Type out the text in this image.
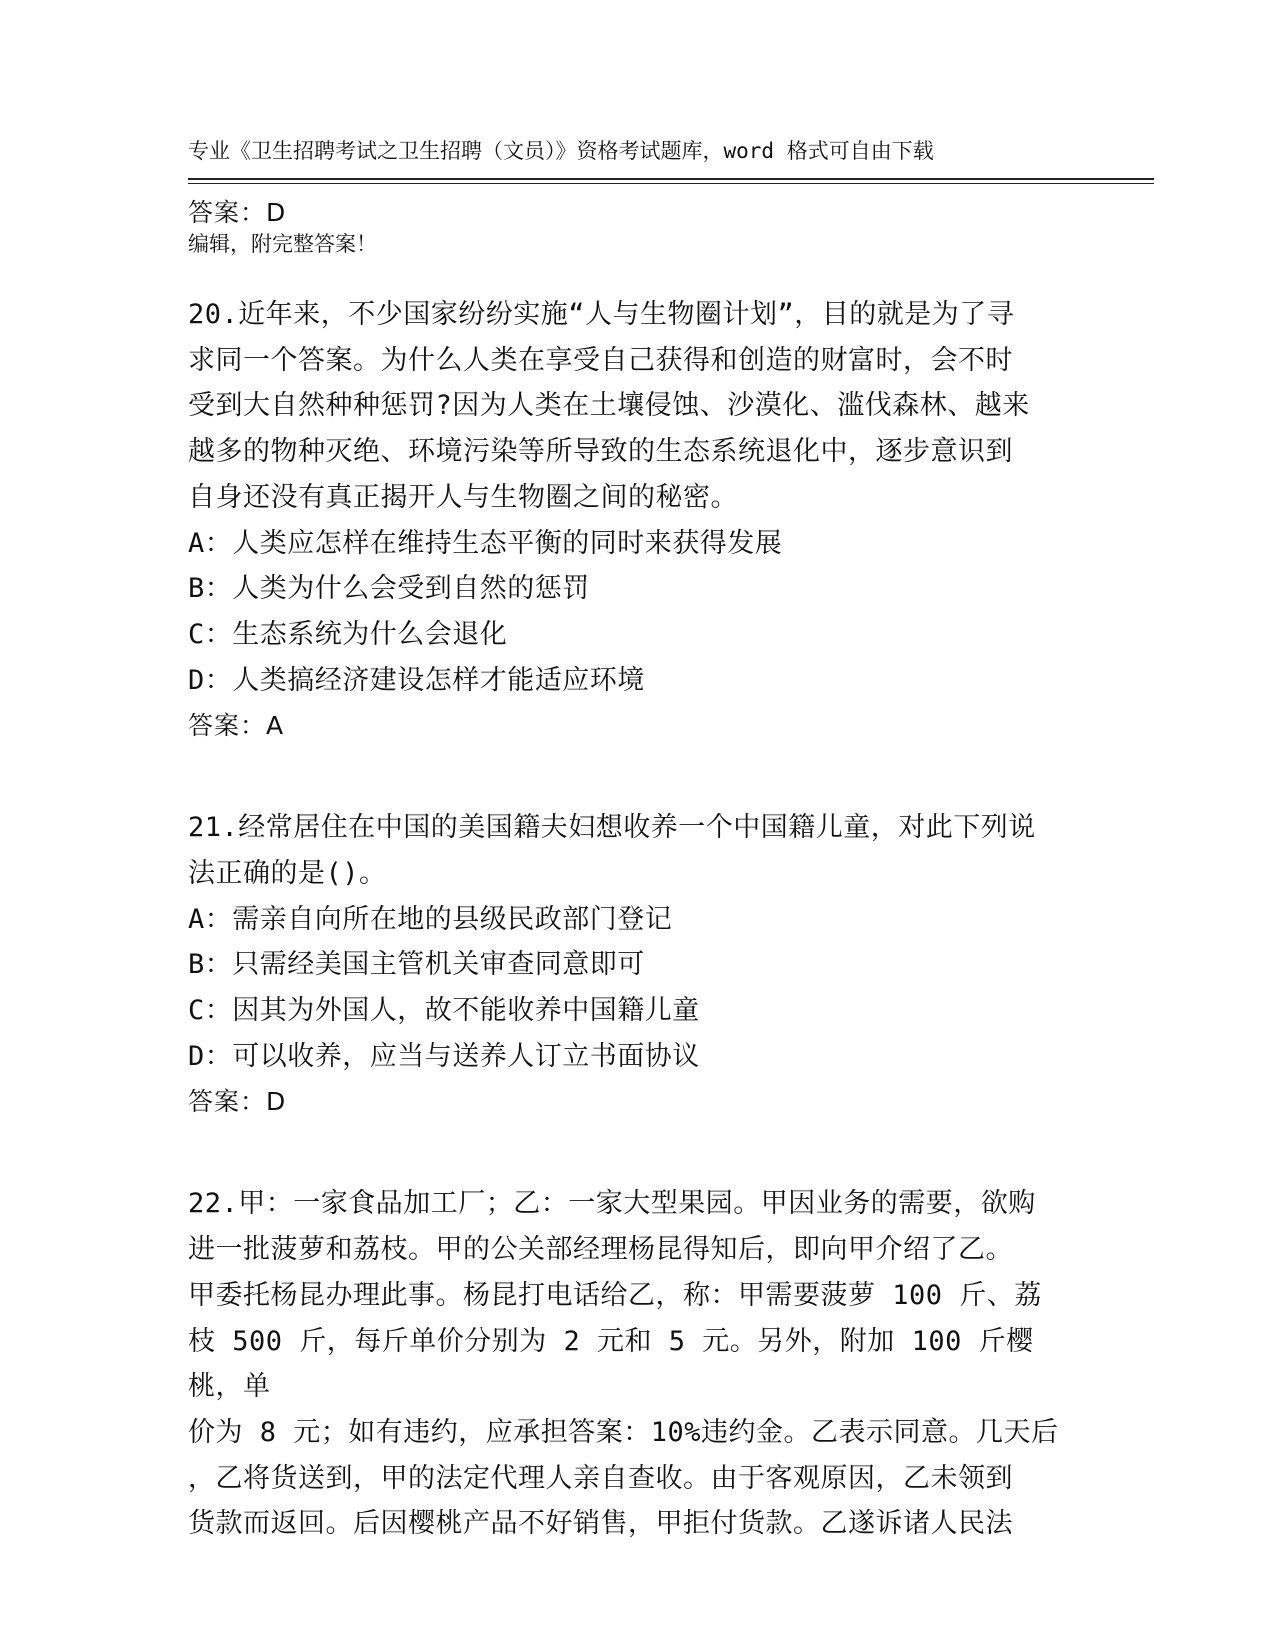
专业《卫生招聘考试之卫生招聘（文员）》资格考试题库，word 格式可自由下载

编辑，附完整答案！

答案：D
20.近年来，不少国家纷纷实施“人与生物圈计划”，目的就是为了寻
求同一个答案。为什么人类在享受自己获得和创造的财富时，会不时
受到大自然种种惩罚?因为人类在土壤侵蚀、沙漠化、滥伐森林、越来
越多的物种灭绝、环境污染等所导致的生态系统退化中，逐步意识到
自身还没有真正揭开人与生物圈之间的秘密。
A：人类应怎样在维持生态平衡的同时来获得发展
B：人类为什么会受到自然的惩罚
C：生态系统为什么会退化
D：人类搞经济建设怎样才能适应环境
答案：A
21.经常居住在中国的美国籍夫妇想收养一个中国籍儿童，对此下列说
法正确的是()。
A：需亲自向所在地的县级民政部门登记
B：只需经美国主管机关审查同意即可
C：因其为外国人，故不能收养中国籍儿童
D：可以收养，应当与送养人订立书面协议
答案：D
22.甲：一家食品加工厂；乙：一家大型果园。甲因业务的需要，欲购
进一批菠萝和荔枝。甲的公关部经理杨昆得知后，即向甲介绍了乙。
甲委托杨昆办理此事。杨昆打电话给乙，称：甲需要菠萝 100 斤、荔
枝 500 斤，每斤单价分别为 2 元和 5 元。另外，附加 100 斤樱桃，单
价为 8 元；如有违约，应承担答案：10%违约金。乙表示同意。几天后
，乙将货送到，甲的法定代理人亲自查收。由于客观原因，乙未领到
货款而返回。后因樱桃产品不好销售，甲拒付货款。乙遂诉诸人民法
